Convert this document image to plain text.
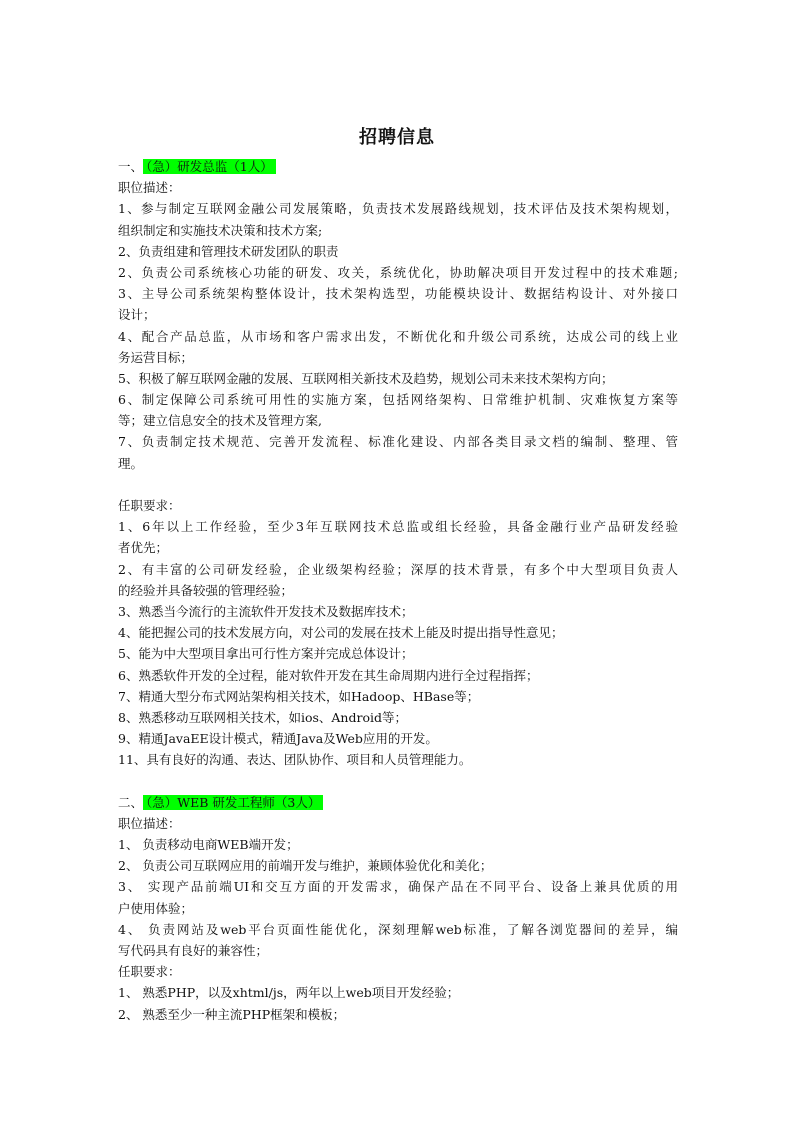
招聘信息
一、 （急）研发总监（1人）
职位描述：
1、参与制定互联网金融公司发展策略，负责技术发展路线规划，技术评估及技术架构规划，
组织制定和实施技术决策和技术方案;
2、负责组建和管理技术研发团队的职责
2、负责公司系统核心功能的研发、攻关，系统优化，协助解决项目开发过程中的技术难题;
3、主导公司系统架构整体设计，技术架构选型，功能模块设计、数据结构设计、对外接口
设计；
4、配合产品总监，从市场和客户需求出发，不断优化和升级公司系统，达成公司的线上业
务运营目标；
5、积极了解互联网金融的发展、互联网相关新技术及趋势，规划公司未来技术架构方向；
6、制定保障公司系统可用性的实施方案，包括网络架构、日常维护机制、灾难恢复方案等
等；建立信息安全的技术及管理方案,
7、负责制定技术规范、完善开发流程、标准化建设、内部各类目录文档的编制、整理、管
理。
任职要求：
1、6年以上工作经验，至少3年互联网技术总监或组长经验，具备金融行业产品研发经验
者优先；
2、有丰富的公司研发经验，企业级架构经验；深厚的技术背景，有多个中大型项目负责人
的经验并具备较强的管理经验；
3、熟悉当今流行的主流软件开发技术及数据库技术；
4、能把握公司的技术发展方向，对公司的发展在技术上能及时提出指导性意见；
5、能为中大型项目拿出可行性方案并完成总体设计；
6、熟悉软件开发的全过程，能对软件开发在其生命周期内进行全过程指挥；
7、精通大型分布式网站架构相关技术，如Hadoop、HBase等；
8、熟悉移动互联网相关技术，如ios、Android等；
9、精通JavaEE设计模式，精通Java及Web应用的开发。
11、具有良好的沟通、表达、团队协作、项目和人员管理能力。
二、 （急）WEB 研发工程师（3人）
职位描述：
1、 负责移动电商WEB端开发；
2、 负责公司互联网应用的前端开发与维护，兼顾体验优化和美化；
3、 实现产品前端UI和交互方面的开发需求，确保产品在不同平台、设备上兼具优质的用
户使用体验；
4、 负责网站及web平台页面性能优化，深刻理解web标准，了解各浏览器间的差异，编
写代码具有良好的兼容性；
任职要求：
1、 熟悉PHP，以及xhtml/js，两年以上web项目开发经验；
2、 熟悉至少一种主流PHP框架和模板；
